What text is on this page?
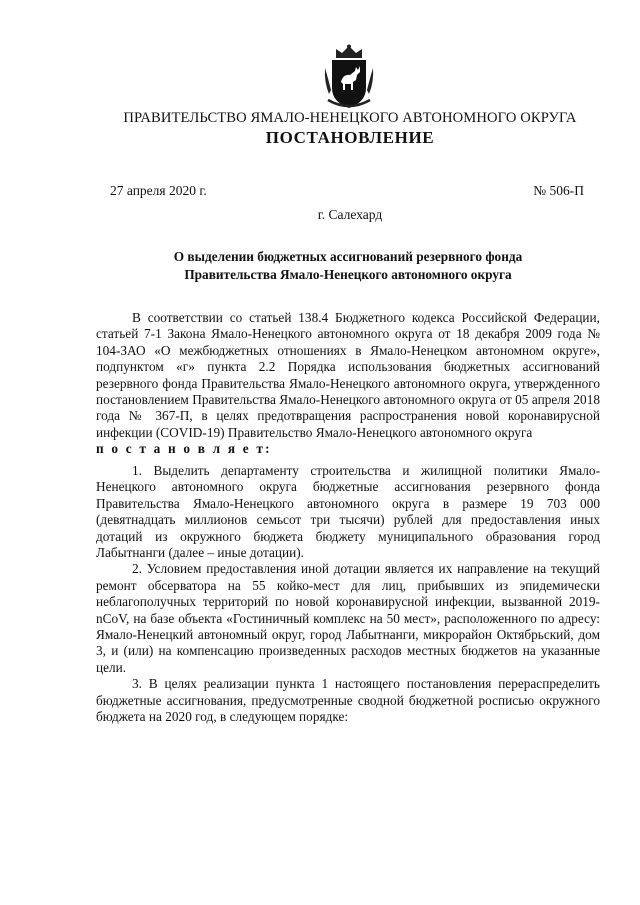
ПРАВИТЕЛЬСТВО ЯМАЛО-НЕНЕЦКОГО АВТОНОМНОГО ОКРУГА
ПОСТАНОВЛЕНИЕ
27 апреля 2020 г.	№ 506-П
г. Салехард
О выделении бюджетных ассигнований резервного фонда
Правительства Ямало-Ненецкого автономного округа

В соответствии со статьей 138.4 Бюджетного кодекса Российской Федерации, статьей 7-1 Закона Ямало-Ненецкого автономного округа от 18 декабря 2009 года № 104-ЗАО «О межбюджетных отношениях в Ямало-Ненецком автономном округе», подпунктом «г» пункта 2.2 Порядка использования бюджетных ассигнований резервного фонда Правительства Ямало-Ненецкого автономного округа, утвержденного постановлением Правительства Ямало-Ненецкого автономного округа от 05 апреля 2018 года № 367-П, в целях предотвращения распространения новой коронавирусной инфекции (COVID-19) Правительство Ямало-Ненецкого автономного округа

п о с т а н о в л я е т:

1. Выделить департаменту строительства и жилищной политики Ямало-Ненецкого автономного округа бюджетные ассигнования резервного фонда Правительства Ямало-Ненецкого автономного округа в размере 19 703 000 (девятнадцать миллионов семьсот три тысячи) рублей для предоставления иных дотаций из окружного бюджета бюджету муниципального образования город Лабытнанги (далее – иные дотации).

2. Условием предоставления иной дотации является их направление на текущий ремонт обсерватора на 55 койко-мест для лиц, прибывших из эпидемически неблагополучных территорий по новой коронавирусной инфекции, вызванной 2019-nCoV, на базе объекта «Гостиничный комплекс на 50 мест», расположенного по адресу: Ямало-Ненецкий автономный округ, город Лабытнанги, микрорайон Октябрьский, дом 3, и (или) на компенсацию произведенных расходов местных бюджетов на указанные цели.

3. В целях реализации пункта 1 настоящего постановления перераспределить бюджетные ассигнования, предусмотренные сводной бюджетной росписью окружного бюджета на 2020 год, в следующем порядке:
